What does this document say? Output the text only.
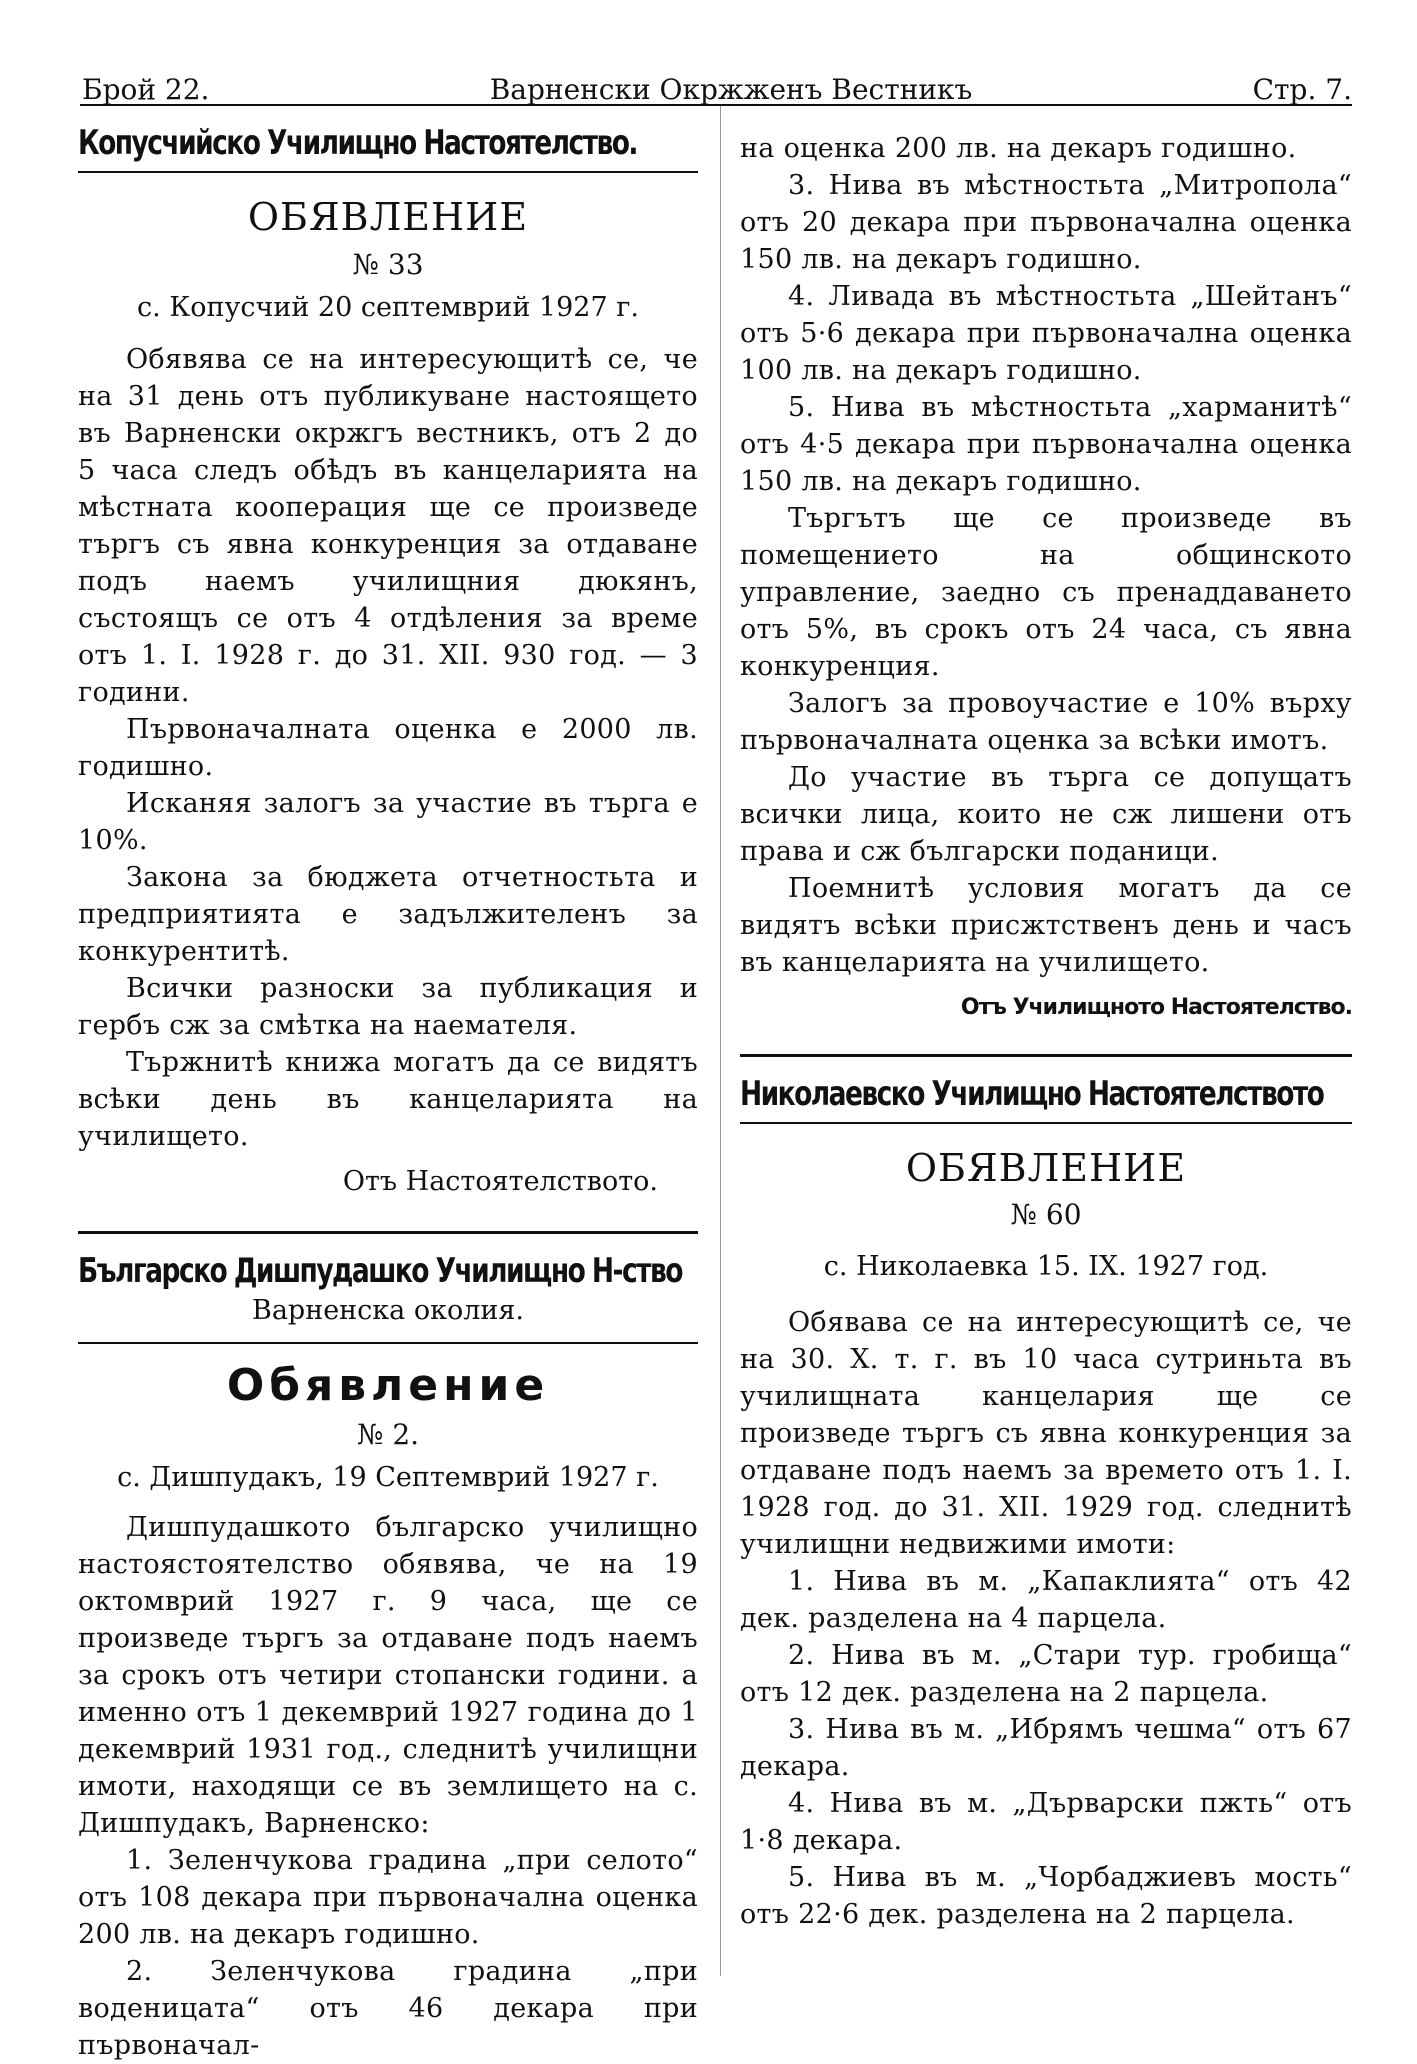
Брой 22.	Варненски Окржженъ Вестникъ	Стр. 7.
Копусчийско Училищно Настоятелство.
ОБЯВЛЕНИЕ
№ 33
с. Копусчий 20 септемврий 1927 г.

Обявява се на интересующитѣ се, че на 31 день отъ публикуване настоящето въ Варненски окржгъ вестникъ, отъ 2 до 5 часа следъ обѣдъ въ канцеларията на мѣстната кооперация ще се произведе търгъ съ явна конкуренция за отдаване подъ наемъ училищния дюкянъ, състоящъ се отъ 4 отдѣления за време отъ 1. I. 1928 г. до 31. XII. 930 год. — 3 години.

Първоначалната оценка е 2000 лв. годишно.

Исканяя залогъ за участие въ търга е 10%.

Закона за бюджета отчетностьта и предприятията е задължителенъ за конкурентитѣ.

Всички разноски за публикация и гербъ сж за смѣтка на наемателя.

Тържнитѣ книжа могатъ да се видятъ всѣки день въ канцеларията на училището.

Отъ Настоятелството.
Българско Дишпудашко Училищно Н-ство
Варненска околия.
Обявление
№ 2.
с. Дишпудакъ, 19 Септемврий 1927 г.

Дишпудашкото българско училищно настоястоятелство обявява, че на 19 октомврий 1927 г. 9 часа, ще се произведе търгъ за отдаване подъ наемъ за срокъ отъ четири стопански години. а именно отъ 1 декемврий 1927 година до 1 декемврий 1931 год., следнитѣ училищни имоти, находящи се въ землището на с. Дишпудакъ, Варненско:

1. Зеленчукова градина „при селото“ отъ 108 декара при първоначална оценка 200 лв. на декаръ годишно.

2. Зеленчукова градина „при воденицата“ отъ 46 декара при първоначал-

на оценка 200 лв. на декаръ годишно.

3. Нива въ мѣстностьта „Митропола“ отъ 20 декара при първоначална оценка 150 лв. на декаръ годишно.

4. Ливада въ мѣстностьта „Шейтанъ“ отъ 5·6 декара при първоначална оценка 100 лв. на декаръ годишно.

5. Нива въ мѣстностьта „харманитѣ“ отъ 4·5 декара при първоначална оценка 150 лв. на декаръ годишно.

Търгътъ ще се произведе въ помещението на общинското управление, заедно съ пренаддаването отъ 5%, въ срокъ отъ 24 часа, съ явна конкуренция.

Залогъ за провоучастие е 10% върху първоначалната оценка за всѣки имотъ.

До участие въ търга се допущатъ всички лица, които не сж лишени отъ права и сж български поданици.

Поемнитѣ условия могатъ да се видятъ всѣки присжтственъ день и часъ въ канцеларията на училището.

Отъ Училищното Настоятелство.
Николаевско Училищно Настоятелството
ОБЯВЛЕНИЕ
№ 60
с. Николаевка 15. IX. 1927 год.

Обявава се на интересующитѣ се, че на 30. X. т. г. въ 10 часа сутриньта въ училищната канцелария ще се произведе търгъ съ явна конкуренция за отдаване подъ наемъ за времето отъ 1. I. 1928 год. до 31. XII. 1929 год. следнитѣ училищни недвижими имоти:

1. Нива въ м. „Капаклията“ отъ 42 дек. разделена на 4 парцела.

2. Нива въ м. „Стари тур. гробища“ отъ 12 дек. разделена на 2 парцела.

3. Нива въ м. „Ибрямъ чешма“ отъ 67 декара.

4. Нива въ м. „Дърварски пжть“ отъ 1·8 декара.

5. Нива въ м. „Чорбаджиевъ мость“ отъ 22·6 дек. разделена на 2 парцела.
